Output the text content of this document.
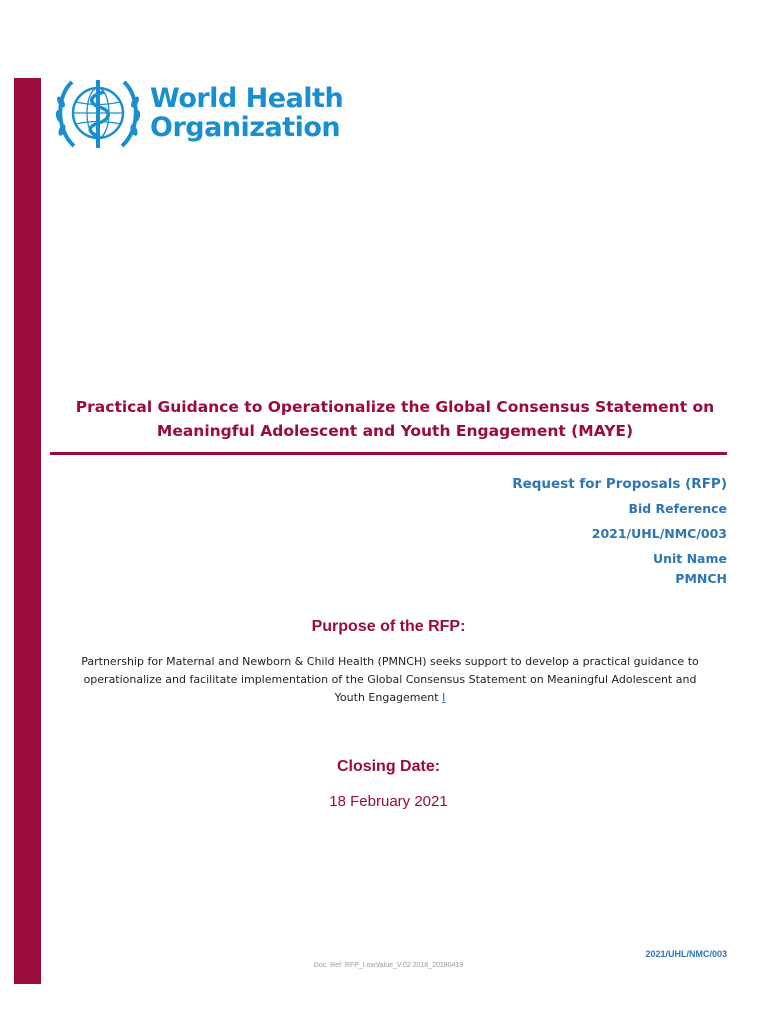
World Health
Organization
Practical Guidance to Operationalize the Global Consensus Statement on
Meaningful Adolescent and Youth Engagement (MAYE)
Request for Proposals (RFP)
Bid Reference
2021/UHL/NMC/003
Unit Name
PMNCH
Purpose of the RFP:
Partnership for Maternal and Newborn & Child Health (PMNCH) seeks support to develop a practical guidance to
operationalize and facilitate implementation of the Global Consensus Statement on Meaningful Adolescent and
Youth Engagement I
Closing Date:
18 February 2021
2021/UHL/NMC/003
Doc. Ref: RFP_LowValue_V.02 2018_20180419
